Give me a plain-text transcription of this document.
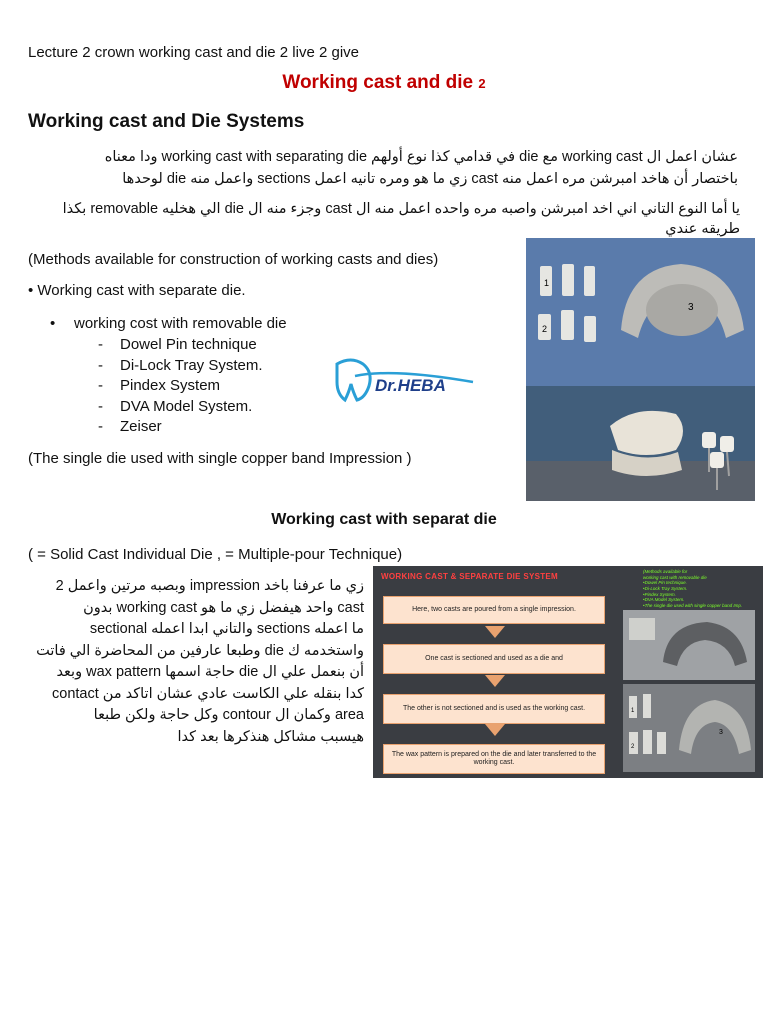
Lecture 2 crown working cast and die 2 live 2 give
Working cast and die 2
Working cast and Die Systems
عشان اعمل ال working cast مع die في قدامي كذا نوع أولهم working cast with separating die ودا معناه
باختصار أن هاخد امبرشن مره اعمل منه cast زي ما هو ومره تانيه اعمل sections واعمل منه die لوحدها
يا أما النوع التاني اني اخد امبرشن واصبه مره واحده اعمل منه ال cast وجزء منه ال die الي هخليه removable بكذا
طريقه عندي
(Methods available for construction of working casts and dies)
• Working cast with separate die.
• working cost with removable die
- Dowel Pin technique
- Di-Lock Tray System.
- Pindex System
- DVA Model System.
- Zeiser
Dr.HEBA
(The single die used with single copper band Impression )
1
2
3
Working cast with separat die
( = Solid Cast Individual Die , = Multiple-pour Technique)
زي ما عرفنا باخد impression وبصبه مرتين واعمل 2
cast واحد هيفضل زي ما هو working cast بدون
ما اعمله sections والتاني ابدا اعمله sectional
واستخدمه ك die وطبعا عارفين من المحاضرة الي فاتت
أن بنعمل علي ال die حاجة اسمها wax pattern وبعد
كدا بنقله علي الكاست عادي عشان اتاكد من contact
area وكمان ال contour وكل حاجة ولكن طبعا
هيسبب مشاكل هنذكرها بعد كدا
WORKING CAST & SEPARATE DIE SYSTEM
(Methods available for
working cast with removable die
•Dowel Pin technique.
•Di-Lock Tray System.
•Pindex System.
•DVA Model System.
•The single die used with single copper band Imp.
Here, two casts are poured from a single impression.
One cast is sectioned and used as a die and
The other is not sectioned and is used as the working cast.
The wax pattern is prepared on the die and later transferred to the working cast.
1
2
3
